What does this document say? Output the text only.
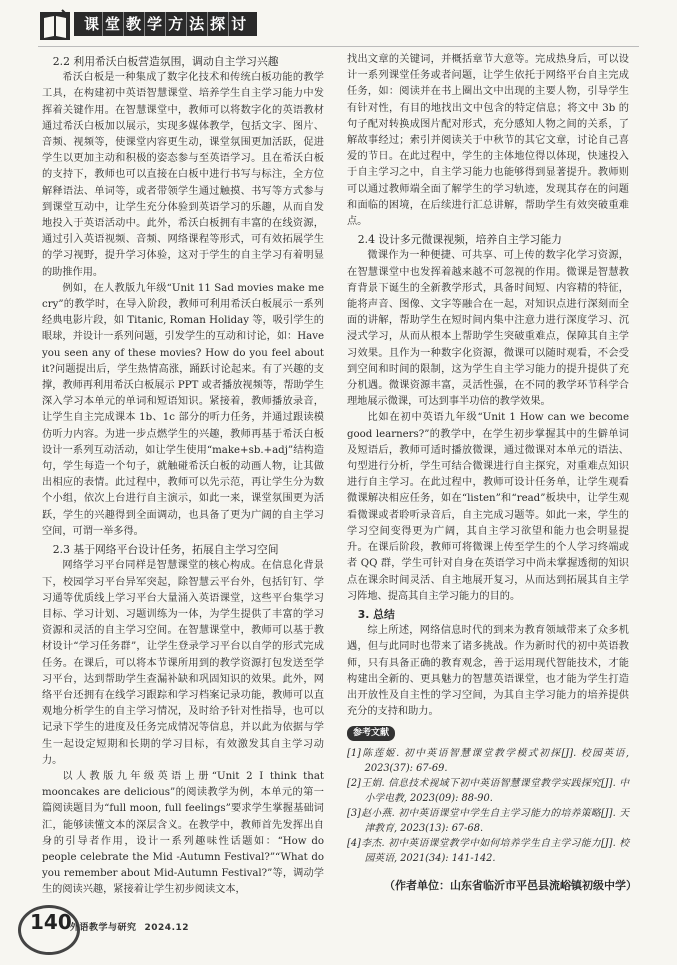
课 堂 教 学 方 法 探 讨
2.2 利用希沃白板营造氛围，调动自主学习兴趣

希沃白板是一种集成了数字化技术和传统白板功能的教学工具，在构建初中英语智慧课堂、培养学生自主学习能力中发挥着关键作用。在智慧课堂中，教师可以将数字化的英语教材通过希沃白板加以展示，实现多媒体教学，包括文字、图片、音频、视频等，使课堂内容更生动，课堂氛围更加活跃，促进学生以更加主动和积极的姿态参与至英语学习。且在希沃白板的支持下，教师也可以直接在白板中进行书写与标注，全方位解释语法、单词等，或者带领学生通过触摸、书写等方式参与到课堂互动中，让学生充分体验到英语学习的乐趣，从而自发地投入于英语活动中。此外，希沃白板拥有丰富的在线资源，通过引入英语视频、音频、网络课程等形式，可有效拓展学生的学习视野，提升学习体验，这对于学生的自主学习有着明显的助推作用。

例如，在人教版九年级“Unit 11 Sad movies make me cry”的教学时，在导入阶段，教师可利用希沃白板展示一系列经典电影片段，如 Titanic, Roman Holiday 等，吸引学生的眼球，并设计一系列问题，引发学生的互动和讨论，如：Have you seen any of these movies? How do you feel about it?问题提出后，学生热情高涨，踊跃讨论起来。有了兴趣的支撑，教师再利用希沃白板展示 PPT 或者播放视频等，帮助学生深入学习本单元的单词和短语知识。紧接着，教师播放录音，让学生自主完成课本 1b、1c 部分的听力任务，并通过跟读模仿听力内容。为进一步点燃学生的兴趣，教师再基于希沃白板设计一系列互动活动，如让学生使用“make+sb.+adj”结构造句，学生每造一个句子，就触碰希沃白板的动画人物，让其做出相应的表情。此过程中，教师可以先示范，再让学生分为数个小组，依次上台进行自主演示，如此一来，课堂氛围更为活跃，学生的兴趣得到全面调动，也具备了更为广阔的自主学习空间，可谓一举多得。

2.3 基于网络平台设计任务，拓展自主学习空间

网络学习平台同样是智慧课堂的核心构成。在信息化背景下，校园学习平台异军突起，除智慧云平台外，包括钉钉、学习通等优质线上学习平台大量涌入英语课堂，这些平台集学习目标、学习计划、习题训练为一体，为学生提供了丰富的学习资源和灵活的自主学习空间。在智慧课堂中，教师可以基于教材设计“学习任务群”，让学生登录学习平台以自学的形式完成任务。在课后，可以将本节课所用到的教学资源打包发送至学习平台，达到帮助学生查漏补缺和巩固知识的效果。此外，网络平台还拥有在线学习跟踪和学习档案记录功能，教师可以直观地分析学生的自主学习情况，及时给予针对性指导，也可以记录下学生的进度及任务完成情况等信息，并以此为依据与学生一起设定短期和长期的学习目标，有效激发其自主学习动力。

以人教版九年级英语上册“Unit 2 I think that mooncakes are delicious”的阅读教学为例，本单元的第一篇阅读题目为“full moon, full feelings”要求学生掌握基础词汇，能够读懂文本的深层含义。在教学中，教师首先发挥出自身的引导者作用，设计一系列趣味性话题如：“How do people celebrate the Mid -Autumn Festival?”“What do you remember about Mid-Autumn Festival?”等，调动学生的阅读兴趣，紧接着让学生初步阅读文本，

找出文章的关键词，并概括章节大意等。完成热身后，可以设计一系列课堂任务或者问题，让学生依托于网络平台自主完成任务，如：阅读并在书上圈出文中出现的主要人物，引导学生有针对性，有目的地找出文中包含的特定信息；将文中 3b 的句子配对转换成图片配对形式，充分感知人物之间的关系，了解故事经过；索引并阅读关于中秋节的其它文章，讨论自己喜爱的节日。在此过程中，学生的主体地位得以体现，快速投入于自主学习之中，自主学习能力也能够得到显著提升。教师则可以通过教师端全面了解学生的学习轨迹，发现其存在的问题和面临的困境，在后续进行汇总讲解，帮助学生有效突破重难点。

2.4 设计多元微课视频，培养自主学习能力

微课作为一种便捷、可共享、可上传的数字化学习资源，在智慧课堂中也发挥着越来越不可忽视的作用。微课是智慧教育背景下诞生的全新教学形式，具备时间短、内容精的特征，能将声音、图像、文字等融合在一起，对知识点进行深刻而全面的讲解，帮助学生在短时间内集中注意力进行深度学习、沉浸式学习，从而从根本上帮助学生突破重难点，保障其自主学习效果。且作为一种数字化资源，微课可以随时观看，不会受到空间和时间的限制，这为学生自主学习能力的提升提供了充分机遇。微课资源丰富，灵活性强，在不同的教学环节科学合理地展示微课，可达到事半功倍的教学效果。

比如在初中英语九年级“Unit 1 How can we become good learners?”的教学中，在学生初步掌握其中的生僻单词及短语后，教师可适时播放微课，通过微课对本单元的语法、句型进行分析，学生可结合微课进行自主探究，对重难点知识进行自主学习。在此过程中，教师可设计任务单，让学生观看微课解决相应任务，如在“listen”和“read”板块中，让学生观看微课或者聆听录音后，自主完成习题等。如此一来，学生的学习空间变得更为广阔，其自主学习欲望和能力也会明显提升。在课后阶段，教师可将微课上传至学生的个人学习终端或者 QQ 群，学生可针对自身在英语学习中尚未掌握透彻的知识点在课余时间灵活、自主地展开复习，从而达到拓展其自主学习阵地、提高其自主学习能力的目的。

3. 总结

综上所述，网络信息时代的到来为教育领域带来了众多机遇，但与此同时也带来了诸多挑战。作为新时代的初中英语教师，只有具备正确的教育观念，善于运用现代智能技术，才能构建出全新的、更具魅力的智慧英语课堂，也才能为学生打造出开放性及自主性的学习空间，为其自主学习能力的培养提供充分的支持和助力。

参考文献
[1]陈莲姬. 初中英语智慧课堂教学模式初探[J]. 校园英语, 2023(37): 67-69.
[2]王娟. 信息技术视域下初中英语智慧课堂教学实践探究[J]. 中小学电教, 2023(09): 88-90.
[3]赵小燕. 初中英语课堂中学生自主学习能力的培养策略[J]. 天津教育, 2023(13): 67-68.
[4]李杰. 初中英语课堂教学中如何培养学生自主学习能力[J]. 校园英语, 2021(34): 141-142.
（作者单位：山东省临沂市平邑县流峪镇初级中学）
140
外语教学与研究 2024.12
